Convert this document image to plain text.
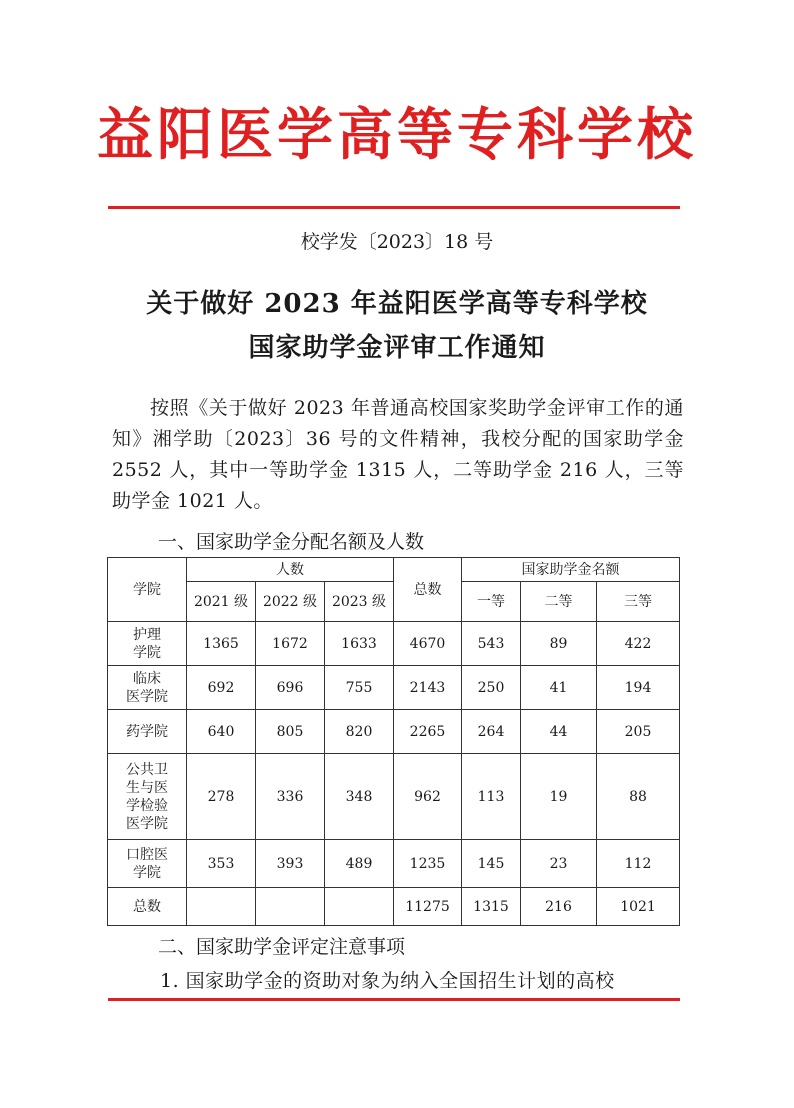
益阳医学高等专科学校
校学发〔2023〕18 号
关于做好 2023 年益阳医学高等专科学校
国家助学金评审工作通知
按照《关于做好 2023 年普通高校国家奖助学金评审工作的通知》湘学助〔2023〕36 号的文件精神，我校分配的国家助学金 2552 人，其中一等助学金 1315 人，二等助学金 216 人，三等助学金 1021 人。
一、国家助学金分配名额及人数
学院	人数			总数	国家助学金名额		
	2021 级	2022 级	2023 级		一等	二等	三等
护理
学院	1365	1672	1633	4670	543	89	422
临床
医学院	692	696	755	2143	250	41	194
药学院	640	805	820	2265	264	44	205
公共卫
生与医
学检验
医学院	278	336	348	962	113	19	88
口腔医
学院	353	393	489	1235	145	23	112
总数				11275	1315	216	1021
二、国家助学金评定注意事项
1. 国家助学金的资助对象为纳入全国招生计划的高校
